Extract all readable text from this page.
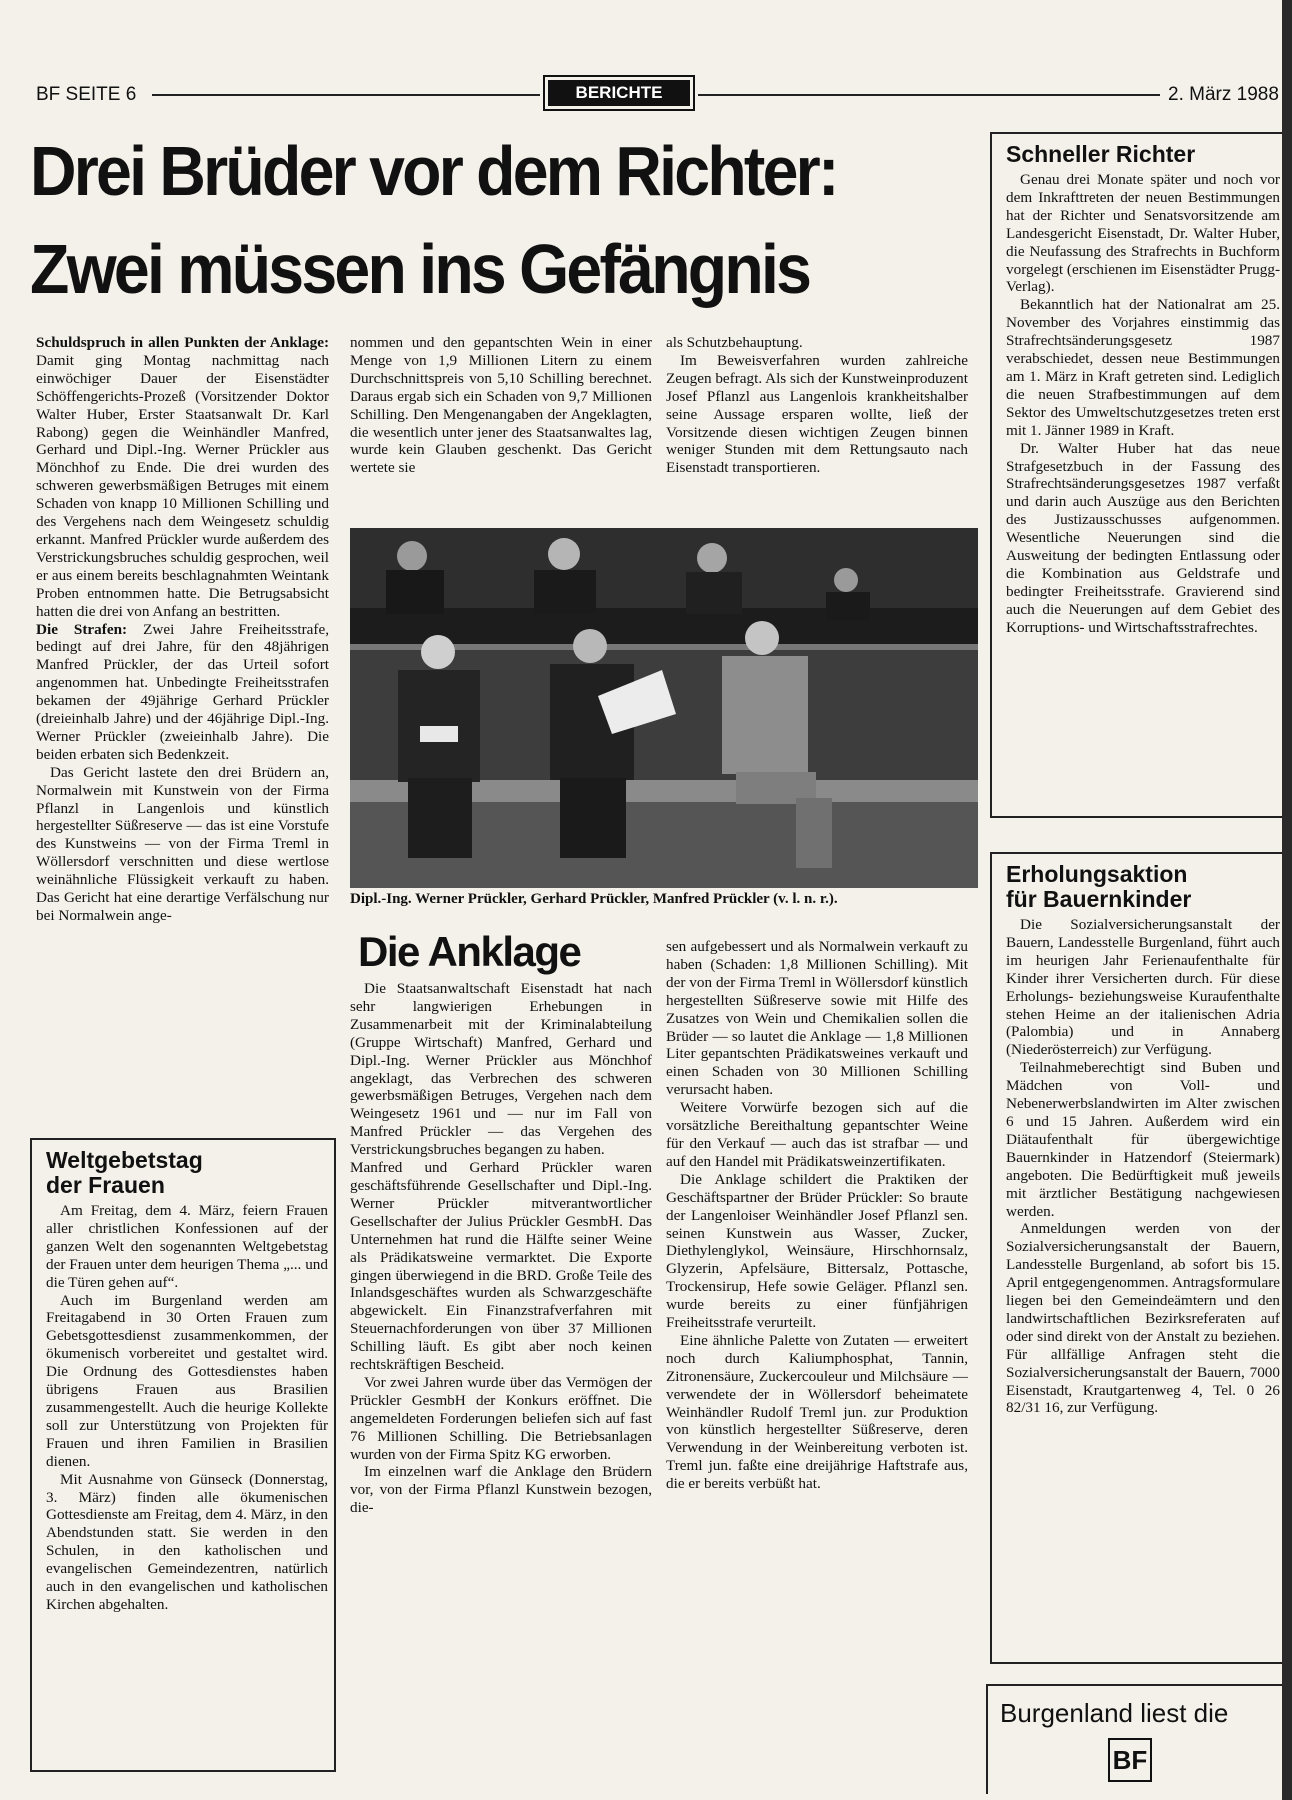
BF SEITE 6	BERICHTE	2. März 1988
Drei Brüder vor dem Richter:
Zwei müssen ins Gefängnis

Schuldspruch in allen Punkten der Anklage: Damit ging Montag nachmittag nach einwöchiger Dauer der Eisenstädter Schöffengerichts-Prozeß (Vorsitzender Doktor Walter Huber, Erster Staatsanwalt Dr. Karl Rabong) gegen die Weinhändler Manfred, Gerhard und Dipl.-Ing. Werner Prückler aus Mönchhof zu Ende. Die drei wurden des schweren gewerbsmäßigen Betruges mit einem Schaden von knapp 10 Millionen Schilling und des Vergehens nach dem Weingesetz schuldig erkannt. Manfred Prückler wurde außerdem des Verstrickungsbruches schuldig gesprochen, weil er aus einem bereits beschlagnahmten Weintank Proben entnommen hatte. Die Betrugsabsicht hatten die drei von Anfang an bestritten.

Die Strafen: Zwei Jahre Freiheitsstrafe, bedingt auf drei Jahre, für den 48jährigen Manfred Prückler, der das Urteil sofort angenommen hat. Unbedingte Freiheitsstrafen bekamen der 49jährige Gerhard Prückler (dreieinhalb Jahre) und der 46jährige Dipl.-Ing. Werner Prückler (zweieinhalb Jahre). Die beiden erbaten sich Bedenkzeit.

Das Gericht lastete den drei Brüdern an, Normalwein mit Kunstwein von der Firma Pflanzl in Langenlois und künstlich hergestellter Süßreserve — das ist eine Vorstufe des Kunstweins — von der Firma Treml in Wöllersdorf verschnitten und diese wertlose weinähnliche Flüssigkeit verkauft zu haben. Das Gericht hat eine derartige Verfälschung nur bei Normalwein ange-

nommen und den gepantschten Wein in einer Menge von 1,9 Millionen Litern zu einem Durchschnittspreis von 5,10 Schilling berechnet. Daraus ergab sich ein Schaden von 9,7 Millionen Schilling. Den Mengenangaben der Angeklagten, die wesentlich unter jener des Staatsanwaltes lag, wurde kein Glauben geschenkt. Das Gericht wertete sie

als Schutzbehauptung.

Im Beweisverfahren wurden zahlreiche Zeugen befragt. Als sich der Kunstweinproduzent Josef Pflanzl aus Langenlois krankheitshalber seine Aussage ersparen wollte, ließ der Vorsitzende diesen wichtigen Zeugen binnen weniger Stunden mit dem Rettungsauto nach Eisenstadt transportieren.

Dipl.-Ing. Werner Prückler, Gerhard Prückler, Manfred Prückler (v. l. n. r.).
Die Anklage

Die Staatsanwaltschaft Eisenstadt hat nach sehr langwierigen Erhebungen in Zusammenarbeit mit der Kriminalabteilung (Gruppe Wirtschaft) Manfred, Gerhard und Dipl.-Ing. Werner Prückler aus Mönchhof angeklagt, das Verbrechen des schweren gewerbsmäßigen Betruges, Vergehen nach dem Weingesetz 1961 und — nur im Fall von Manfred Prückler — das Vergehen des Verstrickungsbruches begangen zu haben.

Manfred und Gerhard Prückler waren geschäftsführende Gesellschafter und Dipl.-Ing. Werner Prückler mitverantwortlicher Gesellschafter der Julius Prückler GesmbH. Das Unternehmen hat rund die Hälfte seiner Weine als Prädikatsweine vermarktet. Die Exporte gingen überwiegend in die BRD. Große Teile des Inlandsgeschäftes wurden als Schwarzgeschäfte abgewickelt. Ein Finanzstrafverfahren mit Steuernachforderungen von über 37 Millionen Schilling läuft. Es gibt aber noch keinen rechtskräftigen Bescheid.

Vor zwei Jahren wurde über das Vermögen der Prückler GesmbH der Konkurs eröffnet. Die angemeldeten Forderungen beliefen sich auf fast 76 Millionen Schilling. Die Betriebsanlagen wurden von der Firma Spitz KG erworben.

Im einzelnen warf die Anklage den Brüdern vor, von der Firma Pflanzl Kunstwein bezogen, die-

sen aufgebessert und als Normalwein verkauft zu haben (Schaden: 1,8 Millionen Schilling). Mit der von der Firma Treml in Wöllersdorf künstlich hergestellten Süßreserve sowie mit Hilfe des Zusatzes von Wein und Chemikalien sollen die Brüder — so lautet die Anklage — 1,8 Millionen Liter gepantschten Prädikatsweines verkauft und einen Schaden von 30 Millionen Schilling verursacht haben.

Weitere Vorwürfe bezogen sich auf die vorsätzliche Bereithaltung gepantschter Weine für den Verkauf — auch das ist strafbar — und auf den Handel mit Prädikatsweinzertifikaten.

Die Anklage schildert die Praktiken der Geschäftspartner der Brüder Prückler: So braute der Langenloiser Weinhändler Josef Pflanzl sen. seinen Kunstwein aus Wasser, Zucker, Diethylenglykol, Weinsäure, Hirschhornsalz, Glyzerin, Apfelsäure, Bittersalz, Pottasche, Trockensirup, Hefe sowie Geläger. Pflanzl sen. wurde bereits zu einer fünfjährigen Freiheitsstrafe verurteilt.

Eine ähnliche Palette von Zutaten — erweitert noch durch Kaliumphosphat, Tannin, Zitronensäure, Zuckercouleur und Milchsäure — verwendete der in Wöllersdorf beheimatete Weinhändler Rudolf Treml jun. zur Produktion von künstlich hergestellter Süßreserve, deren Verwendung in der Weinbereitung verboten ist. Treml jun. faßte eine dreijährige Haftstrafe aus, die er bereits verbüßt hat.

Weltgebetstag
der Frauen

Am Freitag, dem 4. März, feiern Frauen aller christlichen Konfessionen auf der ganzen Welt den sogenannten Weltgebetstag der Frauen unter dem heurigen Thema „... und die Türen gehen auf“.

Auch im Burgenland werden am Freitagabend in 30 Orten Frauen zum Gebetsgottesdienst zusammenkommen, der ökumenisch vorbereitet und gestaltet wird. Die Ordnung des Gottesdienstes haben übrigens Frauen aus Brasilien zusammengestellt. Auch die heurige Kollekte soll zur Unterstützung von Projekten für Frauen und ihren Familien in Brasilien dienen.

Mit Ausnahme von Günseck (Donnerstag, 3. März) finden alle ökumenischen Gottesdienste am Freitag, dem 4. März, in den Abendstunden statt. Sie werden in den Schulen, in den katholischen und evangelischen Gemeindezentren, natürlich auch in den evangelischen und katholischen Kirchen abgehalten.

Schneller Richter

Genau drei Monate später und noch vor dem Inkrafttreten der neuen Bestimmungen hat der Richter und Senatsvorsitzende am Landesgericht Eisenstadt, Dr. Walter Huber, die Neufassung des Strafrechts in Buchform vorgelegt (erschienen im Eisenstädter Prugg-Verlag).

Bekanntlich hat der Nationalrat am 25. November des Vorjahres einstimmig das Strafrechtsänderungsgesetz 1987 verabschiedet, dessen neue Bestimmungen am 1. März in Kraft getreten sind. Lediglich die neuen Strafbestimmungen auf dem Sektor des Umweltschutzgesetzes treten erst mit 1. Jänner 1989 in Kraft.

Dr. Walter Huber hat das neue Strafgesetzbuch in der Fassung des Strafrechtsänderungsgesetzes 1987 verfaßt und darin auch Auszüge aus den Berichten des Justizausschusses aufgenommen. Wesentliche Neuerungen sind die Ausweitung der bedingten Entlassung oder die Kombination aus Geldstrafe und bedingter Freiheitsstrafe. Gravierend sind auch die Neuerungen auf dem Gebiet des Korruptions- und Wirtschaftsstrafrechtes.

Erholungsaktion
für Bauernkinder

Die Sozialversicherungsanstalt der Bauern, Landesstelle Burgenland, führt auch im heurigen Jahr Ferienaufenthalte für Kinder ihrer Versicherten durch. Für diese Erholungs- beziehungsweise Kuraufenthalte stehen Heime an der italienischen Adria (Palombia) und in Annaberg (Niederösterreich) zur Verfügung.

Teilnahmeberechtigt sind Buben und Mädchen von Voll- und Nebenerwerbslandwirten im Alter zwischen 6 und 15 Jahren. Außerdem wird ein Diätaufenthalt für übergewichtige Bauernkinder in Hatzendorf (Steiermark) angeboten. Die Bedürftigkeit muß jeweils mit ärztlicher Bestätigung nachgewiesen werden.

Anmeldungen werden von der Sozialversicherungsanstalt der Bauern, Landesstelle Burgenland, ab sofort bis 15. April entgegengenommen. Antragsformulare liegen bei den Gemeindeämtern und den landwirtschaftlichen Bezirksreferaten auf oder sind direkt von der Anstalt zu beziehen. Für allfällige Anfragen steht die Sozialversicherungsanstalt der Bauern, 7000 Eisenstadt, Krautgartenweg 4, Tel. 0 26 82/31 16, zur Verfügung.

Burgenland liest die
BF
